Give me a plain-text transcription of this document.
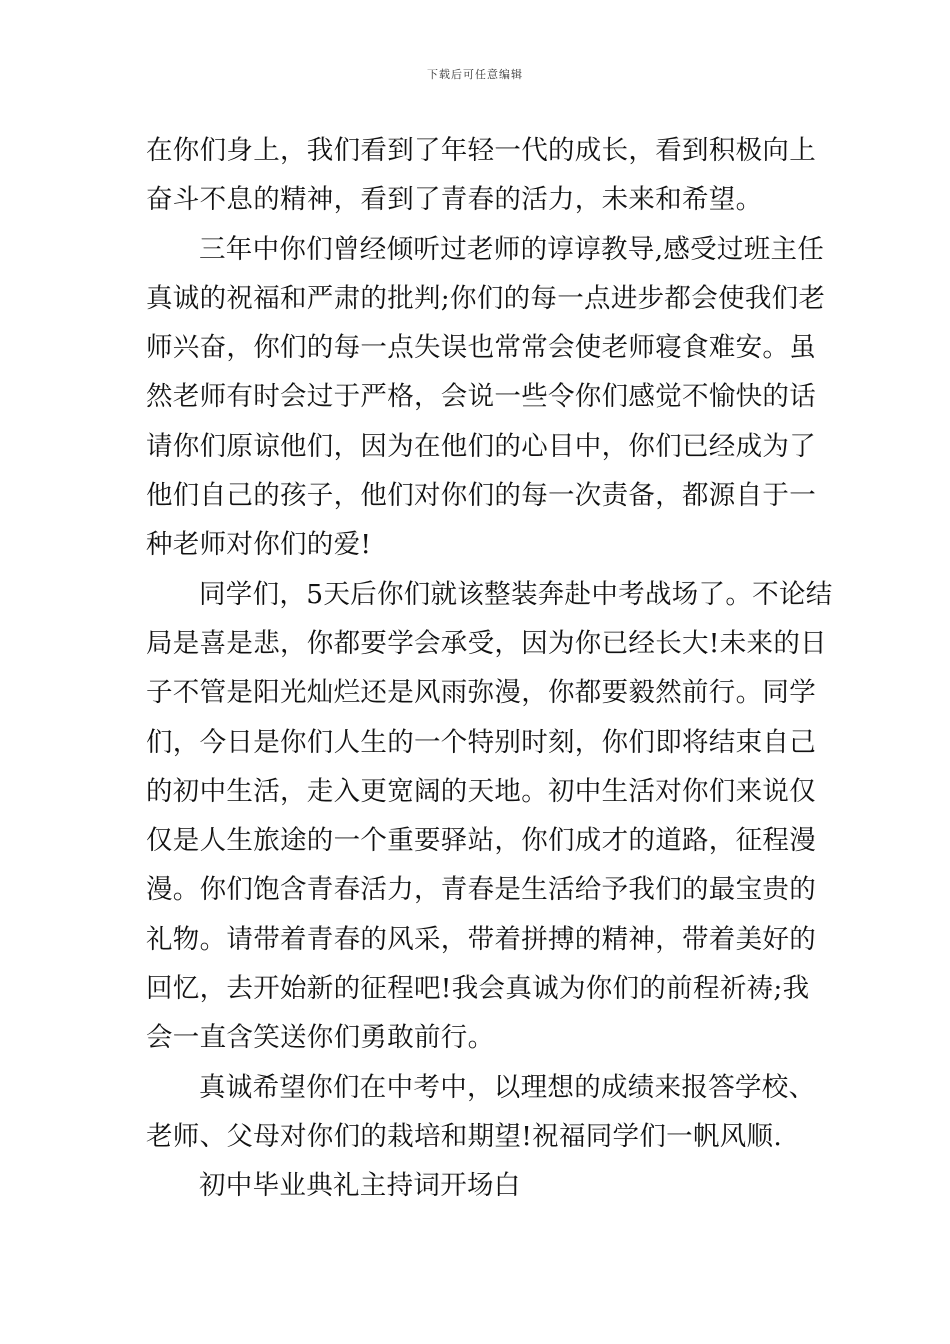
下载后可任意编辑
在你们身上，我们看到了年轻一代的成长，看到积极向上
奋斗不息的精神，看到了青春的活力，未来和希望。
三年中你们曾经倾听过老师的谆谆教导,感受过班主任
真诚的祝福和严肃的批判;你们的每一点进步都会使我们老
师兴奋，你们的每一点失误也常常会使老师寝食难安。虽
然老师有时会过于严格，会说一些令你们感觉不愉快的话
请你们原谅他们，因为在他们的心目中，你们已经成为了
他们自己的孩子，他们对你们的每一次责备，都源自于一
种老师对你们的爱!
同学们，5天后你们就该整装奔赴中考战场了。不论结
局是喜是悲，你都要学会承受，因为你已经长大!未来的日
子不管是阳光灿烂还是风雨弥漫，你都要毅然前行。同学
们，今日是你们人生的一个特别时刻，你们即将结束自己
的初中生活，走入更宽阔的天地。初中生活对你们来说仅
仅是人生旅途的一个重要驿站，你们成才的道路，征程漫
漫。你们饱含青春活力，青春是生活给予我们的最宝贵的
礼物。请带着青春的风采，带着拼搏的精神，带着美好的
回忆，去开始新的征程吧!我会真诚为你们的前程祈祷;我
会一直含笑送你们勇敢前行。
真诚希望你们在中考中，以理想的成绩来报答学校、
老师、父母对你们的栽培和期望!祝福同学们一帆风顺.
初中毕业典礼主持词开场白
